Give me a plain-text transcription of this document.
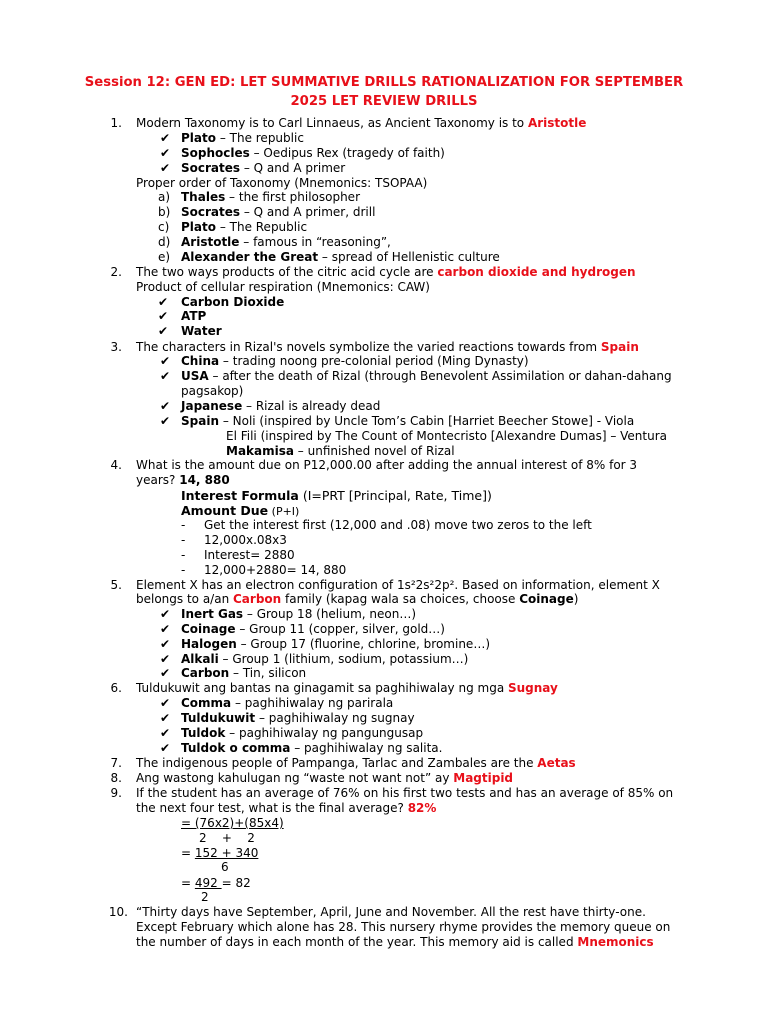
Session 12: GEN ED: LET SUMMATIVE DRILLS RATIONALIZATION FOR SEPTEMBER
2025 LET REVIEW DRILLS
1. Modern Taxonomy is to Carl Linnaeus, as Ancient Taxonomy is to Aristotle
✔ Plato – The republic
✔ Sophocles – Oedipus Rex (tragedy of faith)
✔ Socrates – Q and A primer
Proper order of Taxonomy (Mnemonics: TSOPAA)
a) Thales – the first philosopher
b) Socrates – Q and A primer, drill
c) Plato – The Republic
d) Aristotle – famous in “reasoning”,
e) Alexander the Great – spread of Hellenistic culture
2. The two ways products of the citric acid cycle are carbon dioxide and hydrogen
Product of cellular respiration (Mnemonics: CAW)
✔ Carbon Dioxide
✔ ATP
✔ Water
3. The characters in Rizal's novels symbolize the varied reactions towards from Spain
✔ China – trading noong pre-colonial period (Ming Dynasty)
✔ USA – after the death of Rizal (through Benevolent Assimilation or dahan-dahang
pagsakop)
✔ Japanese – Rizal is already dead
✔ Spain – Noli (inspired by Uncle Tom’s Cabin [Harriet Beecher Stowe] - Viola
El Fili (inspired by The Count of Montecristo [Alexandre Dumas] – Ventura
Makamisa – unfinished novel of Rizal
4. What is the amount due on P12,000.00 after adding the annual interest of 8% for 3
years? 14, 880
Interest Formula (I=PRT [Principal, Rate, Time])
Amount Due (P+I)
- Get the interest first (12,000 and .08) move two zeros to the left
- 12,000x.08x3
- Interest= 2880
- 12,000+2880= 14, 880
5. Element X has an electron configuration of 1s²2s²2p². Based on information, element X
belongs to a/an Carbon family (kapag wala sa choices, choose Coinage)
✔ Inert Gas – Group 18 (helium, neon…)
✔ Coinage – Group 11 (copper, silver, gold…)
✔ Halogen – Group 17 (fluorine, chlorine, bromine…)
✔ Alkali – Group 1 (lithium, sodium, potassium…)
✔ Carbon – Tin, silicon
6. Tuldukuwit ang bantas na ginagamit sa paghihiwalay ng mga Sugnay
✔ Comma – paghihiwalay ng parirala
✔ Tuldukuwit – paghihiwalay ng sugnay
✔ Tuldok – paghihiwalay ng pangungusap
✔ Tuldok o comma – paghihiwalay ng salita.
7. The indigenous people of Pampanga, Tarlac and Zambales are the Aetas
8. Ang wastong kahulugan ng “waste not want not” ay Magtipid
9. If the student has an average of 76% on his first two tests and has an average of 85% on
the next four test, what is the final average? 82%
= (76x2)+(85x4)
2    +    2
= 152 + 340
6
= 492 = 82
2
10. “Thirty days have September, April, June and November. All the rest have thirty-one.
Except February which alone has 28. This nursery rhyme provides the memory queue on
the number of days in each month of the year. This memory aid is called Mnemonics
